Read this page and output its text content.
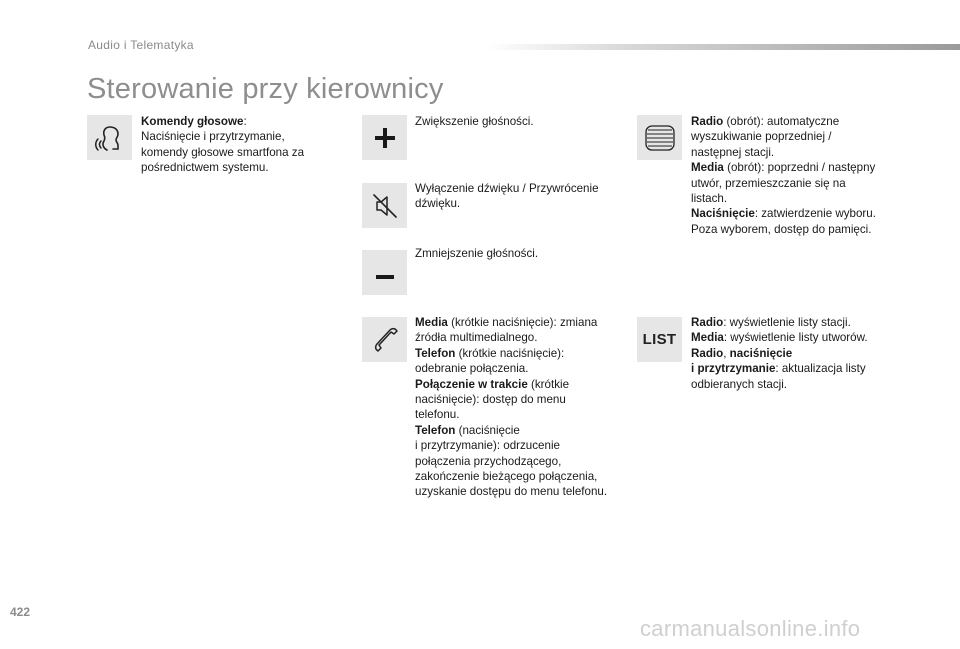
Audio i Telematyka
Sterowanie przy kierownicy

Komendy głosowe:

Naciśnięcie i przytrzymanie,

komendy głosowe smartfona za

pośrednictwem systemu.

Zwiększenie głośności.

Wyłączenie dźwięku / Przywrócenie

dźwięku.

Zmniejszenie głośności.

Media (krótkie naciśnięcie): zmiana

źródła multimedialnego.

Telefon (krótkie naciśnięcie):

odebranie połączenia.

Połączenie w trakcie (krótkie

naciśnięcie): dostęp do menu

telefonu.

Telefon (naciśnięcie

i przytrzymanie): odrzucenie

połączenia przychodzącego,

zakończenie bieżącego połączenia,

uzyskanie dostępu do menu telefonu.

Radio (obrót): automatyczne

wyszukiwanie poprzedniej /

następnej stacji.

Media (obrót): poprzedni / następny

utwór, przemieszczanie się na

listach.

Naciśnięcie: zatwierdzenie wyboru.

Poza wyborem, dostęp do pamięci.

LIST

Radio: wyświetlenie listy stacji.

Media: wyświetlenie listy utworów.

Radio, naciśnięcie

i przytrzymanie: aktualizacja listy

odbieranych stacji.

422
carmanualsonline.info
